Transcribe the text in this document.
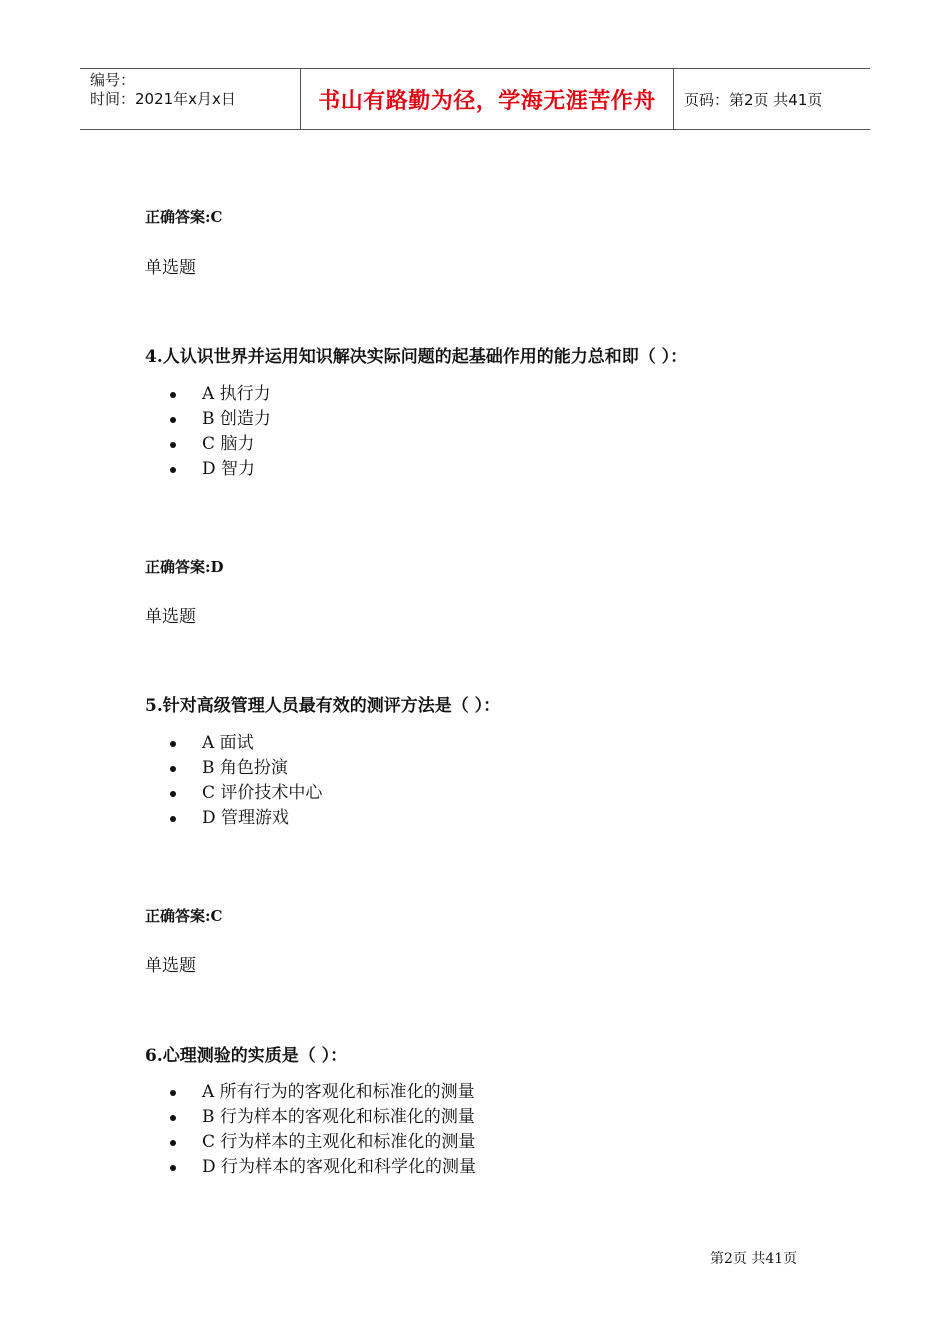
编号：
时间：2021年x月x日	书山有路勤为径，学海无涯苦作舟	页码：第2页 共41页
正确答案:C
单选题
4.人认识世界并运用知识解决实际问题的起基础作用的能力总和即（ ）：
A 执行力
B 创造力
C 脑力
D 智力
正确答案:D
单选题
5.针对高级管理人员最有效的测评方法是（ ）：
A 面试
B 角色扮演
C 评价技术中心
D 管理游戏
正确答案:C
单选题
6.心理测验的实质是（ ）：
A 所有行为的客观化和标准化的测量
B 行为样本的客观化和标准化的测量
C 行为样本的主观化和标准化的测量
D 行为样本的客观化和科学化的测量
第2页 共41页
